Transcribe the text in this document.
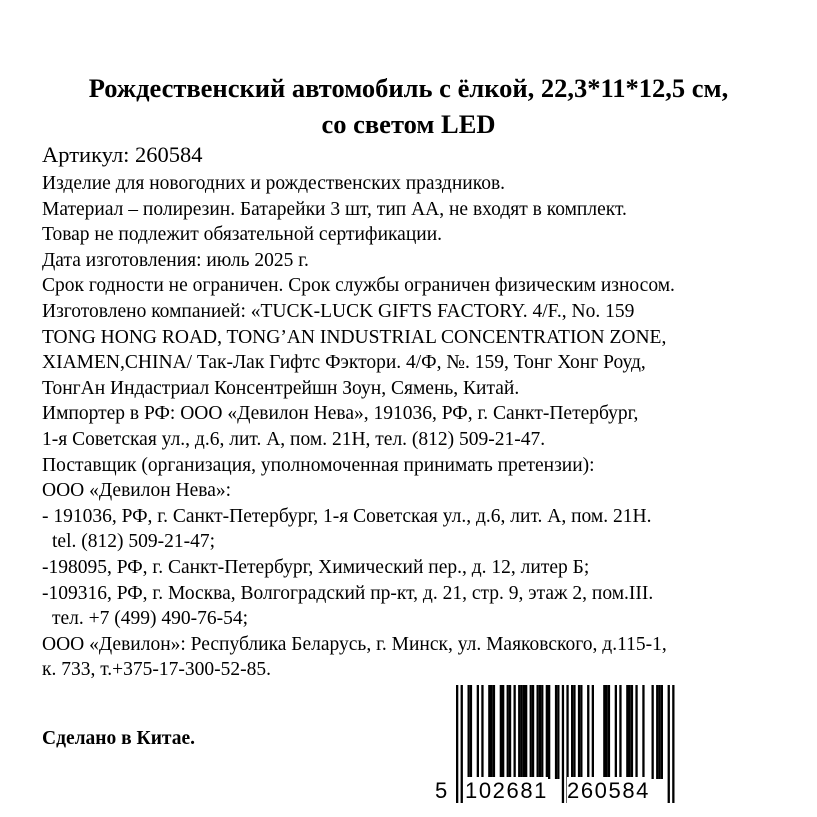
Рождественский автомобиль с ёлкой, 22,3*11*12,5 см,
со светом LED
Артикул: 260584
Изделие для новогодних и рождественских праздников.
Материал – полирезин. Батарейки 3 шт, тип АА, не входят в комплект.
Товар не подлежит обязательной сертификации.
Дата изготовления: июль 2025 г.
Срок годности не ограничен. Срок службы ограничен физическим износом.
Изготовлено компанией: «TUCK-LUCK GIFTS FACTORY. 4/F., No. 159
TONG HONG ROAD, TONG’AN INDUSTRIAL CONCENTRATION ZONE,
XIAMEN,CHINA/ Так-Лак Гифтс Фэктори. 4/Ф, №. 159, Тонг Хонг Роуд,
ТонгАн Индастриал Консентрейшн Зоун, Сямень, Китай.
Импортер в РФ: ООО «Девилон Нева», 191036, РФ, г. Санкт-Петербург,
1-я Советская ул., д.6, лит. А, пом. 21Н, тел. (812) 509-21-47.
Поставщик (организация, уполномоченная принимать претензии):
ООО «Девилон Нева»:
- 191036, РФ, г. Санкт-Петербург, 1-я Советская ул., д.6, лит. А, пом. 21Н.
tel. (812) 509-21-47;
-198095, РФ, г. Санкт-Петербург, Химический пер., д. 12, литер Б;
-109316, РФ, г. Москва, Волгоградский пр-кт, д. 21, стр. 9, этаж 2, пом.III.
тел. +7 (499) 490-76-54;
ООО «Девилон»: Республика Беларусь, г. Минск, ул. Маяковского, д.115-1,
к. 733, т.+375-17-300-52-85.
Сделано в Китае.
5 102681 260584
